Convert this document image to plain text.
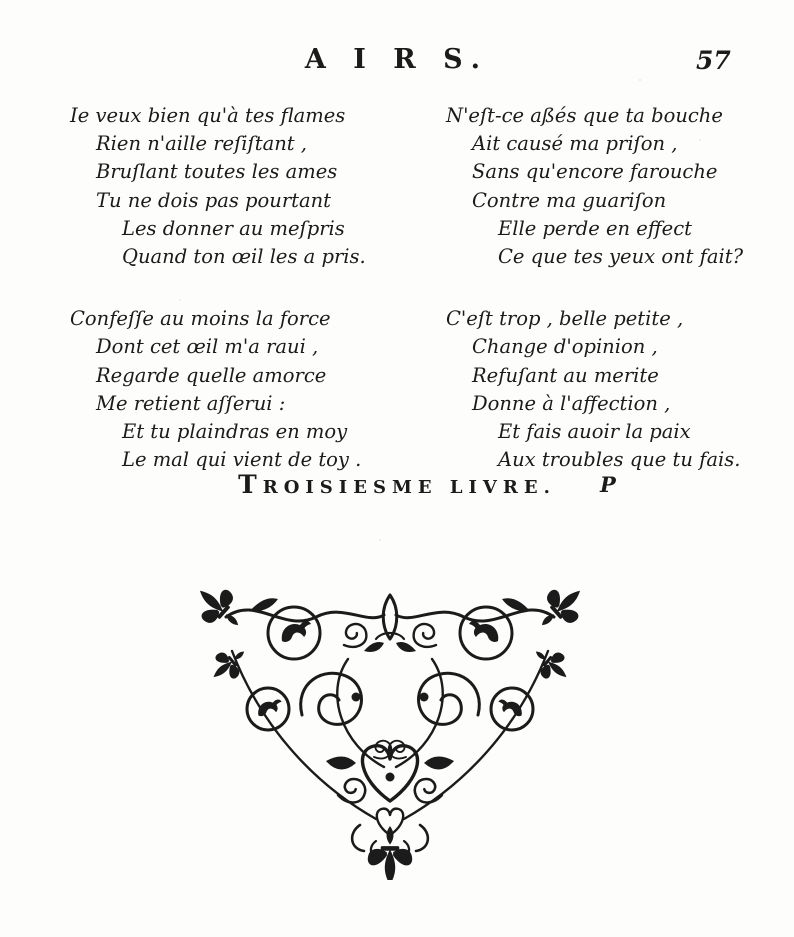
A I R S.	57
Ie veux bien qu'à tes flames
Rien n'aille reſiſtant ,
Bruſlant toutes les ames
Tu ne dois pas pourtant
Les donner au meſpris
Quand ton œil les a pris.
Confeſſe au moins la force
Dont cet œil m'a raui ,
Regarde quelle amorce
Me retient aſſerui :
Et tu plaindras en moy
Le mal qui vient de toy .
N'eſt-ce aßés que ta bouche
Ait causé ma priſon ,
Sans qu'encore farouche
Contre ma guariſon
Elle perde en effect
Ce que tes yeux ont fait?
C'eſt trop , belle petite ,
Change d'opinion ,
Refuſant au merite
Donne à l'affection ,
Et fais auoir la paix
Aux troubles que tu fais.
TROISIESME LIVRE.	P
